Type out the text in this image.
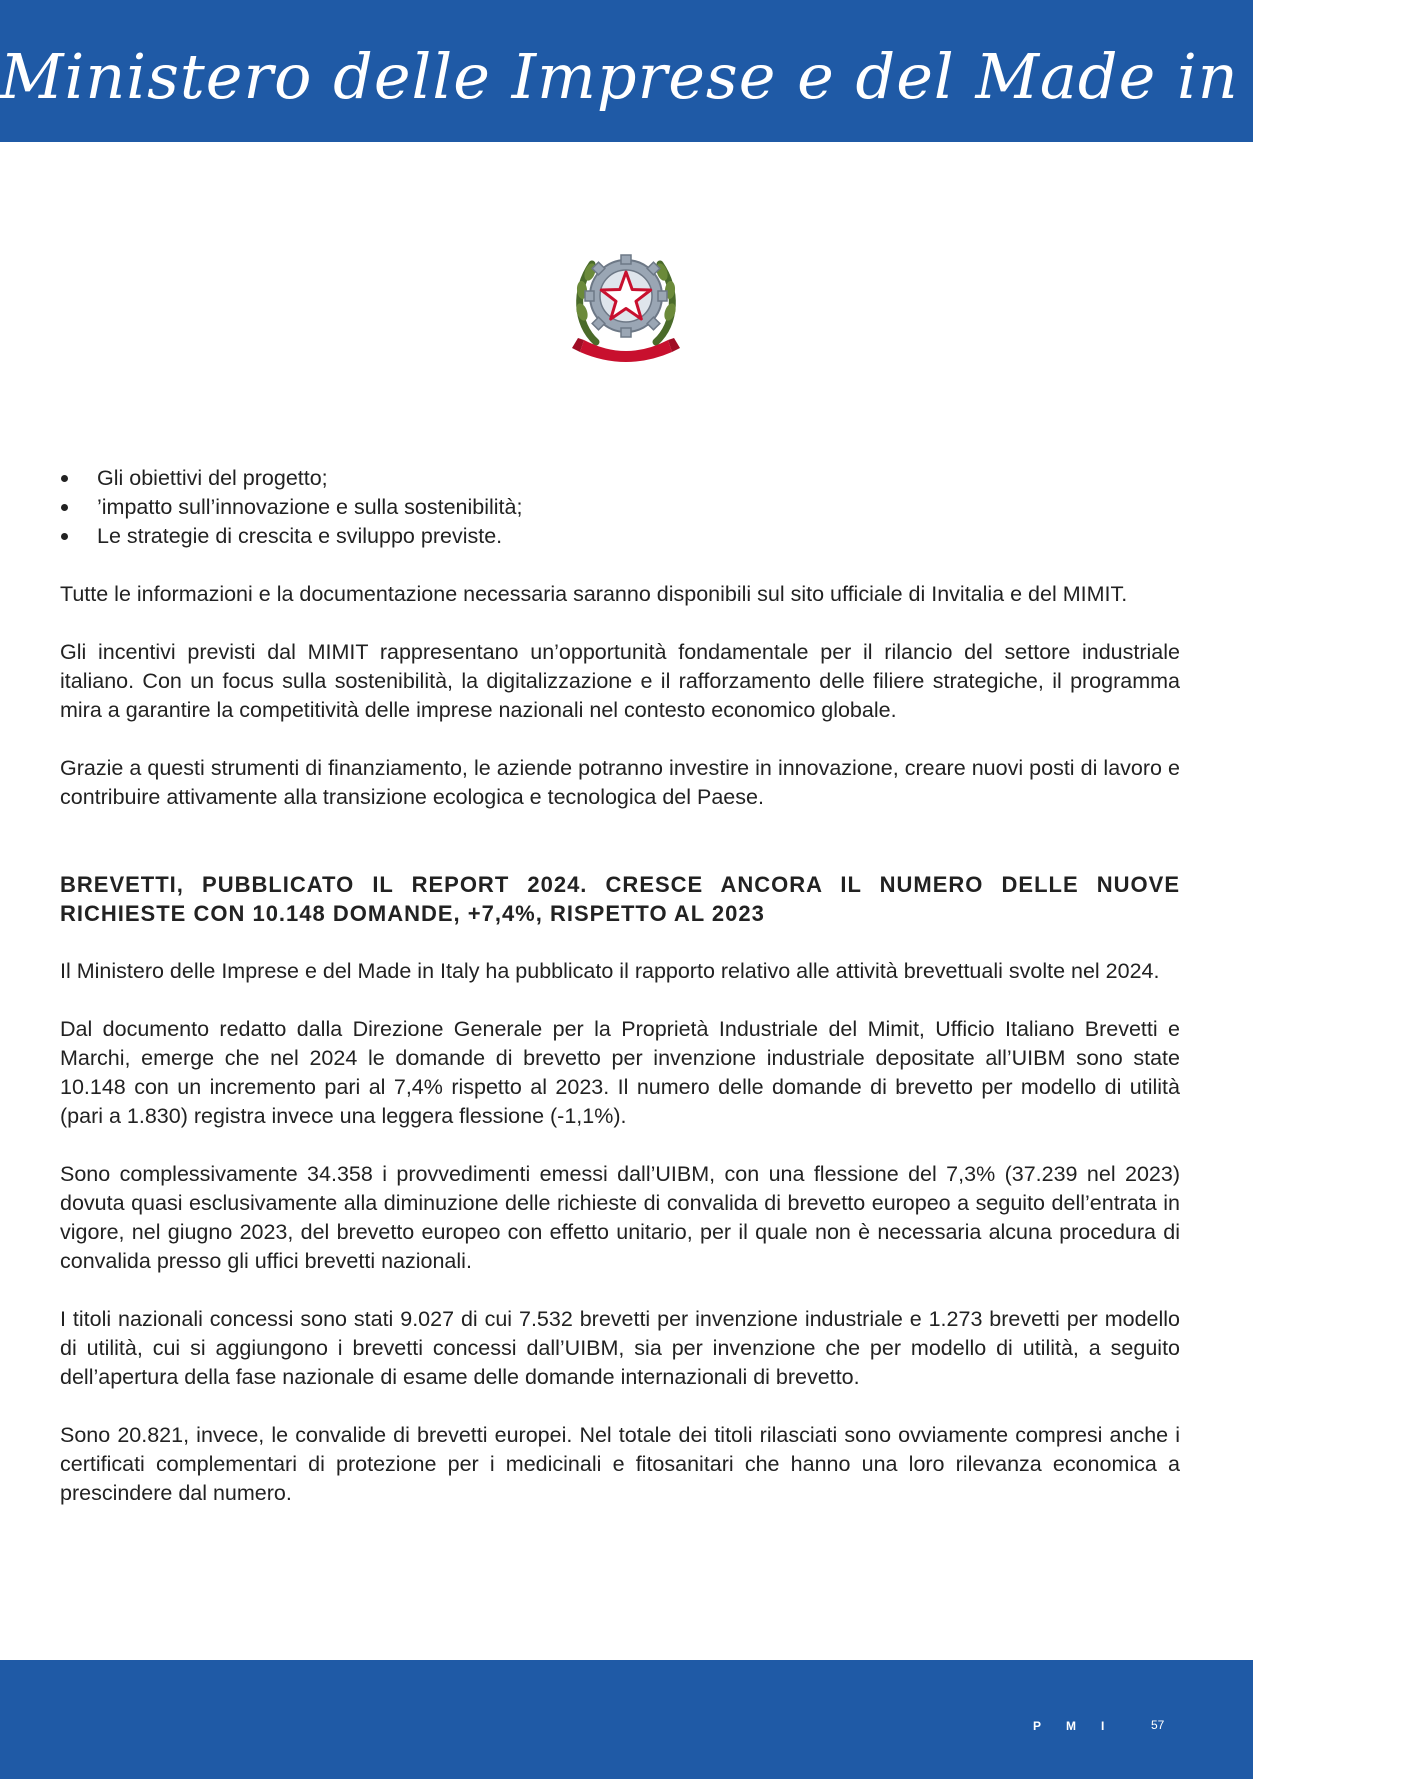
Ministero delle Imprese e del Made in Italy
Gli obiettivi del progetto;
’impatto sull’innovazione e sulla sostenibilità;
Le strategie di crescita e sviluppo previste.

Tutte le informazioni e la documentazione necessaria saranno disponibili sul sito ufficiale di Invitalia e del MIMIT.

Gli incentivi previsti dal MIMIT rappresentano un’opportunità fondamentale per il rilancio del settore industriale italiano. Con un focus sulla sostenibilità, la digitalizzazione e il rafforzamento delle filiere strategiche, il programma mira a garantire la competitività delle imprese nazionali nel contesto economico globale.

Grazie a questi strumenti di finanziamento, le aziende potranno investire in innovazione, creare nuovi posti di lavoro e contribuire attivamente alla transizione ecologica e tecnologica del Paese.

BREVETTI, PUBBLICATO IL REPORT 2024. CRESCE ANCORA IL NUMERO DELLE NUOVE RICHIESTE CON 10.148 DOMANDE, +7,4%, RISPETTO AL 2023

Il Ministero delle Imprese e del Made in Italy ha pubblicato il rapporto relativo alle attività brevettuali svolte nel 2024.

Dal documento redatto dalla Direzione Generale per la Proprietà Industriale del Mimit, Ufficio Italiano Brevetti e Marchi, emerge che nel 2024 le domande di brevetto per invenzione industriale depositate all’UIBM sono state 10.148 con un incremento pari al 7,4% rispetto al 2023. Il numero delle domande di brevetto per modello di utilità (pari a 1.830) registra invece una leggera flessione (-1,1%).

Sono complessivamente 34.358 i provvedimenti emessi dall’UIBM, con una flessione del 7,3% (37.239 nel 2023) dovuta quasi esclusivamente alla diminuzione delle richieste di convalida di brevetto europeo a seguito dell’entrata in vigore, nel giugno 2023, del brevetto europeo con effetto unitario, per il quale non è necessaria alcuna procedura di convalida presso gli uffici brevetti nazionali.

I titoli nazionali concessi sono stati 9.027 di cui 7.532 brevetti per invenzione industriale e 1.273 brevetti per modello di utilità, cui si aggiungono i brevetti concessi dall’UIBM, sia per invenzione che per modello di utilità, a seguito dell’apertura della fase nazionale di esame delle domande internazionali di brevetto.

Sono 20.821, invece, le convalide di brevetti europei. Nel totale dei titoli rilasciati sono ovviamente compresi anche i certificati complementari di protezione per i medicinali e fitosanitari che hanno una loro rilevanza economica a prescindere dal numero.

PMI 57
